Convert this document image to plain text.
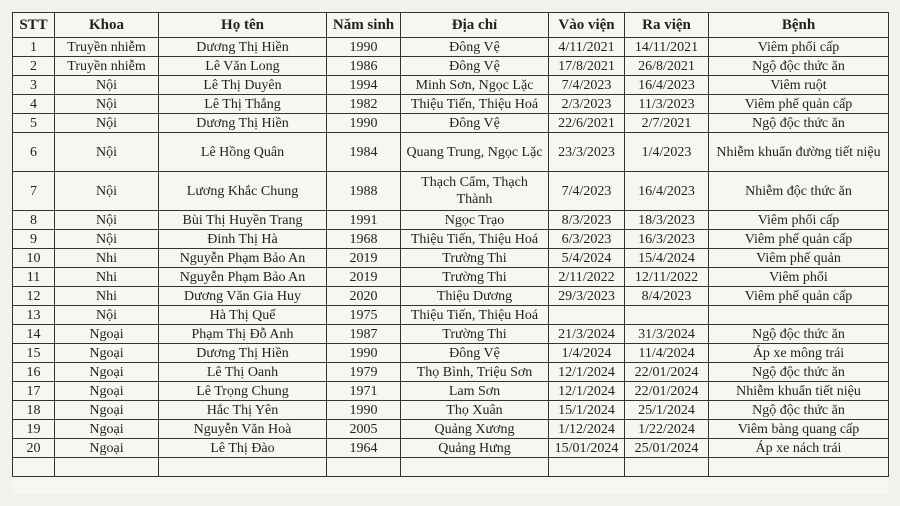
STT	Khoa	Họ tên	Năm sinh	Địa chỉ	Vào viện	Ra viện	Bệnh
1	Truyền nhiễm	Dương Thị Hiền	1990	Đông Vệ	4/11/2021	14/11/2021	Viêm phổi cấp
2	Truyền nhiễm	Lê Văn Long	1986	Đông Vệ	17/8/2021	26/8/2021	Ngộ độc thức ăn
3	Nội	Lê Thị Duyên	1994	Minh Sơn, Ngọc Lặc	7/4/2023	16/4/2023	Viêm ruột
4	Nội	Lê Thị Thắng	1982	Thiệu Tiến, Thiệu Hoá	2/3/2023	11/3/2023	Viêm phế quản cấp
5	Nội	Dương Thị Hiền	1990	Đông Vệ	22/6/2021	2/7/2021	Ngộ độc thức ăn
6	Nội	Lê Hồng Quân	1984	Quang Trung, Ngọc Lặc	23/3/2023	1/4/2023	Nhiễm khuẩn đường tiết niệu
7	Nội	Lương Khắc Chung	1988	Thạch Cẩm, Thạch Thành	7/4/2023	16/4/2023	Nhiễm độc thức ăn
8	Nội	Bùi Thị Huyền Trang	1991	Ngọc Trạo	8/3/2023	18/3/2023	Viêm phổi cấp
9	Nội	Đinh Thị Hà	1968	Thiệu Tiến, Thiệu Hoá	6/3/2023	16/3/2023	Viêm phế quản cấp
10	Nhi	Nguyễn Phạm Bảo An	2019	Trường Thi	5/4/2024	15/4/2024	Viêm phế quản
11	Nhi	Nguyễn Phạm Bảo An	2019	Trường Thi	2/11/2022	12/11/2022	Viêm phổi
12	Nhi	Dương Văn Gia Huy	2020	Thiệu Dương	29/3/2023	8/4/2023	Viêm phế quản cấp
13	Nội	Hà Thị Quế	1975	Thiệu Tiến, Thiệu Hoá			
14	Ngoại	Phạm Thị Đỗ Anh	1987	Trường Thi	21/3/2024	31/3/2024	Ngộ độc thức ăn
15	Ngoại	Dương Thị Hiền	1990	Đông Vệ	1/4/2024	11/4/2024	Áp xe mông trái
16	Ngoại	Lê Thị Oanh	1979	Thọ Bình, Triệu Sơn	12/1/2024	22/01/2024	Ngộ độc thức ăn
17	Ngoại	Lê Trọng Chung	1971	Lam Sơn	12/1/2024	22/01/2024	Nhiễm khuẩn tiết niệu
18	Ngoại	Hắc Thị Yên	1990	Thọ Xuân	15/1/2024	25/1/2024	Ngộ độc thức ăn
19	Ngoại	Nguyễn Văn Hoà	2005	Quảng Xương	1/12/2024	1/22/2024	Viêm bàng quang cấp
20	Ngoại	Lê Thị Đào	1964	Quảng Hưng	15/01/2024	25/01/2024	Áp xe nách trái
